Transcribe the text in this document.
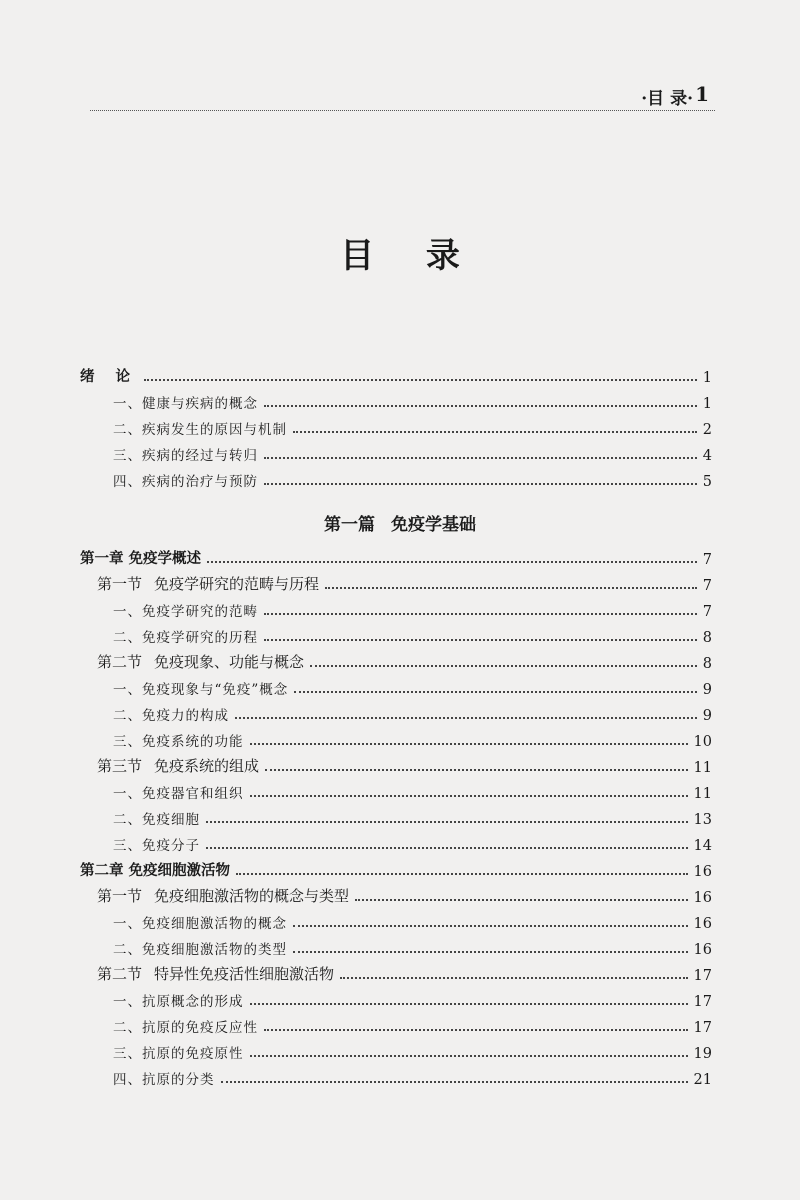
·目 录· 1
目 录
绪 论	1
一、健康与疾病的概念	1
二、疾病发生的原因与机制	2
三、疾病的经过与转归	4
四、疾病的治疗与预防	5
第一篇 免疫学基础
第一章 免疫学概述	7
第一节 免疫学研究的范畴与历程	7
一、免疫学研究的范畴	7
二、免疫学研究的历程	8
第二节 免疫现象、功能与概念	8
一、免疫现象与“免疫”概念	9
二、免疫力的构成	9
三、免疫系统的功能	10
第三节 免疫系统的组成	11
一、免疫器官和组织	11
二、免疫细胞	13
三、免疫分子	14
第二章 免疫细胞激活物	16
第一节 免疫细胞激活物的概念与类型	16
一、免疫细胞激活物的概念	16
二、免疫细胞激活物的类型	16
第二节 特异性免疫活性细胞激活物	17
一、抗原概念的形成	17
二、抗原的免疫反应性	17
三、抗原的免疫原性	19
四、抗原的分类	21
